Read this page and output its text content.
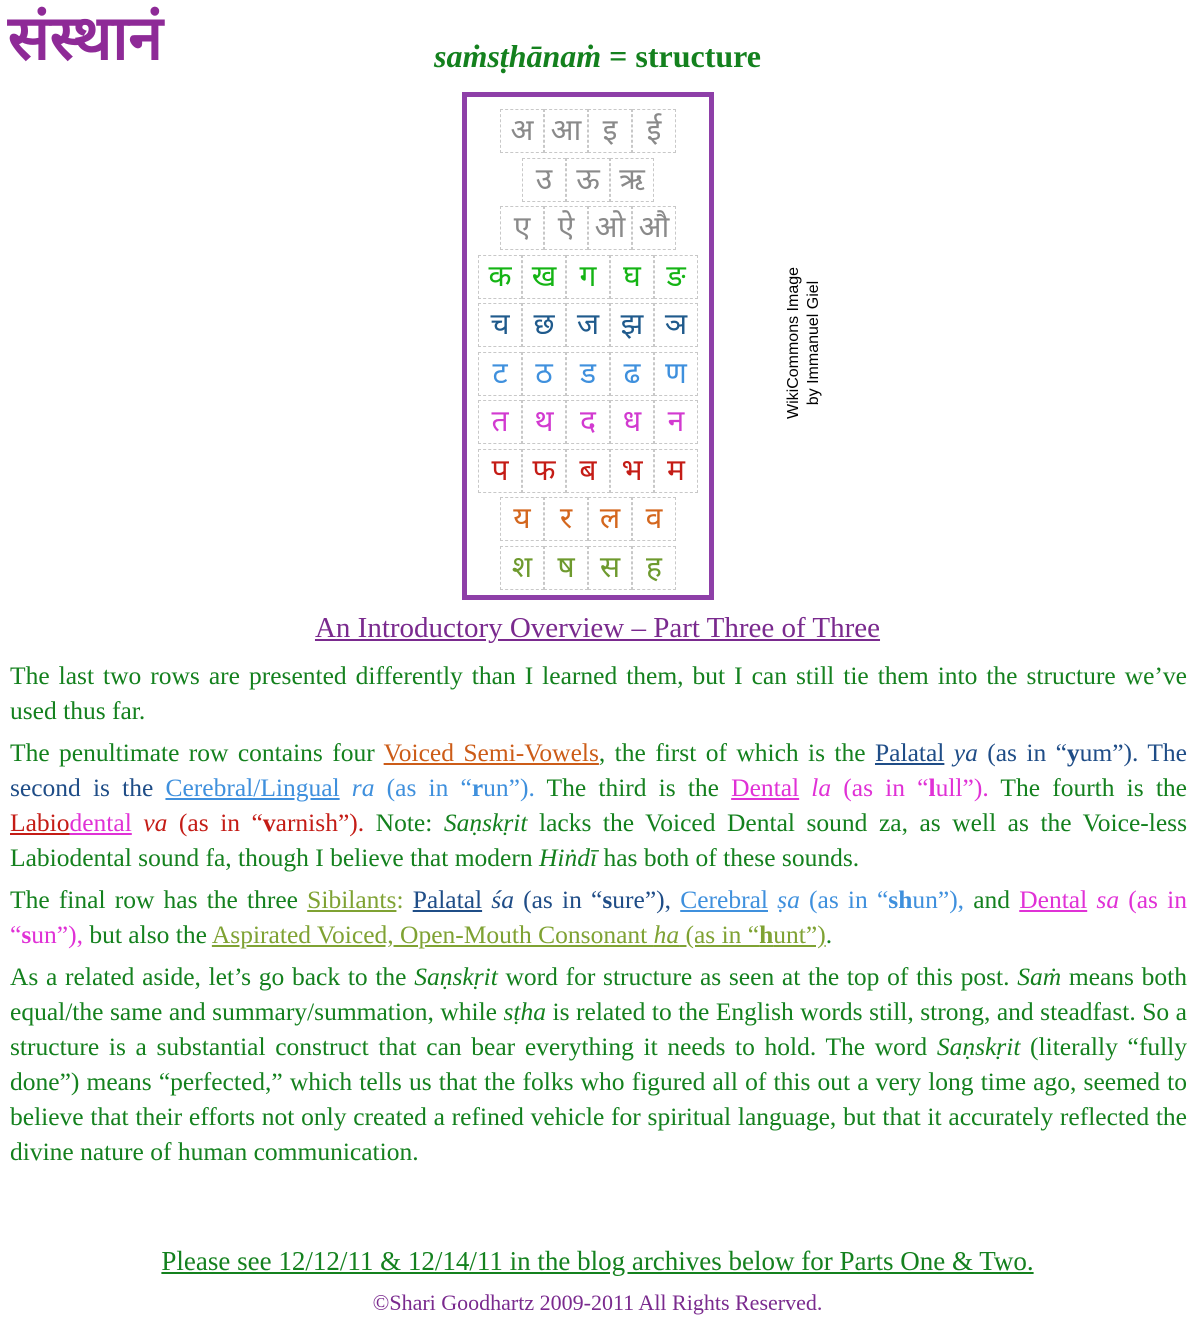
संस्थानं	saṁsṭhānaṁ = structure
अ आ इ ई
उ ऊ ऋ
ए ऐ ओ औ
क ख ग घ ङ
च छ ज झ ञ
ट ठ ड ढ ण
त थ द ध न
प फ ब भ म
य र ल व
श ष स ह
WikiCommons Image by Immanuel Giel
An Introductory Overview – Part Three of Three

The last two rows are presented differently than I learned them, but I can still tie them into the structure we’ve used thus far.

The penultimate row contains four Voiced Semi-Vowels, the first of which is the Palatal ya (as in “yum”). The second is the Cerebral/Lingual ra (as in “run”). The third is the Dental la (as in “lull”). The fourth is the Labiodental va (as in “varnish”). Note: Saṇskṛit lacks the Voiced Dental sound za, as well as the Voice-less Labiodental sound fa, though I believe that modern Hiṅdī has both of these sounds.

The final row has the three Sibilants: Palatal śa (as in “sure”), Cerebral ṣa (as in “shun”), and Dental sa (as in “sun”), but also the Aspirated Voiced, Open-Mouth Consonant ha (as in “hunt”).

As a related aside, let’s go back to the Saṇskṛit word for structure as seen at the top of this post. Saṁ means both equal/the same and summary/summation, while sṭha is related to the English words still, strong, and steadfast. So a structure is a substantial construct that can bear everything it needs to hold. The word Saṇskṛit (literally “fully done”) means “perfected,” which tells us that the folks who figured all of this out a very long time ago, seemed to believe that their efforts not only created a refined vehicle for spiritual language, but that it accurately reflected the divine nature of human communication.

Please see 12/12/11 & 12/14/11 in the blog archives below for Parts One & Two.
©Shari Goodhartz 2009-2011 All Rights Reserved.
